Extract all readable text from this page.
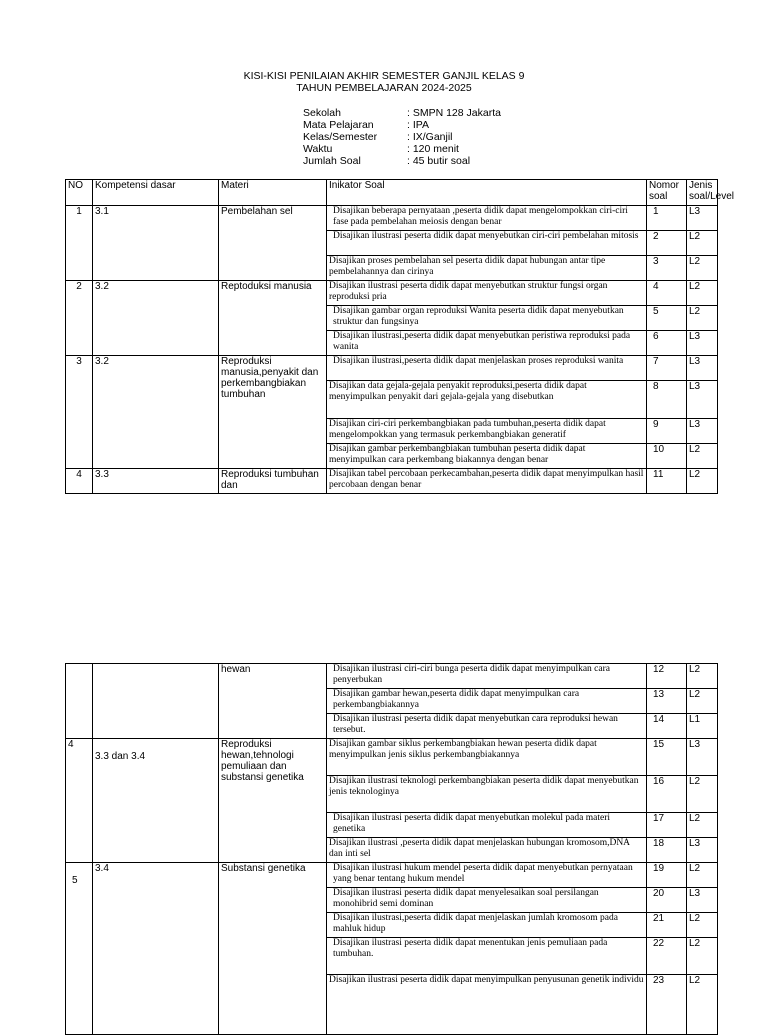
KISI-KISI PENILAIAN AKHIR SEMESTER GANJIL KELAS 9
TAHUN PEMBELAJARAN 2024-2025
Sekolah	: SMPN 128 Jakarta
Mata Pelajaran	: IPA
Kelas/Semester	: IX/Ganjil
Waktu	: 120 menit
Jumlah Soal	: 45 butir soal
NO	Kompetensi dasar	Materi	Inikator Soal	Nomor soal	Jenis soal/Level
1	3.1	Pembelahan sel	Disajikan beberapa pernyataan ,peserta didik dapat mengelompokkan ciri-ciri fase pada pembelahan meiosis dengan benar	1	L3
			Disajikan ilustrasi peserta didik dapat menyebutkan ciri-ciri pembelahan mitosis	2	L2
			Disajikan proses pembelahan sel peserta didik dapat hubungan antar tipe pembelahannya dan cirinya	3	L2
2	3.2	Reptoduksi manusia	Disajikan ilustrasi peserta didik dapat menyebutkan struktur fungsi organ reproduksi pria	4	L2
			Disajikan gambar organ reproduksi Wanita peserta didik dapat menyebutkan struktur dan fungsinya	5	L2
			Disajikan ilustrasi,peserta didik dapat menyebutkan peristiwa reproduksi pada wanita	6	L3
3	3.2	Reproduksi manusia,penyakit dan perkembangbiakan tumbuhan	Disajikan ilustrasi,peserta didik dapat menjelaskan proses reproduksi wanita	7	L3
			Disajikan data gejala-gejala penyakit reproduksi,peserta didik dapat menyimpulkan penyakit dari gejala-gejala yang disebutkan	8	L3
			Disajikan ciri-ciri perkembangbiakan pada tumbuhan,peserta didik dapat mengelompokkan yang termasuk perkembangbiakan generatif	9	L3
			Disajikan gambar perkembangbiakan tumbuhan peserta didik dapat menyimpulkan cara perkembang biakannya dengan benar	10	L2
4	3.3	Reproduksi tumbuhan dan	Disajikan tabel percobaan perkecambahan,peserta didik dapat menyimpulkan hasil percobaan dengan benar	11	L2
		hewan	Disajikan ilustrasi ciri-ciri bunga peserta didik dapat menyimpulkan cara penyerbukan	12	L2
			Disajikan gambar hewan,peserta didik dapat menyimpulkan cara perkembangbiakannya	13	L2
			Disajikan ilustrasi peserta didik dapat menyebutkan cara reproduksi hewan tersebut.	14	L1
4	3.3 dan 3.4	Reproduksi hewan,tehnologi pemuliaan dan substansi genetika	Disajikan gambar siklus perkembangbiakan hewan peserta didik dapat menyimpulkan jenis siklus perkembangbiakannya	15	L3
			Disajikan ilustrasi teknologi perkembangbiakan peserta didik dapat menyebutkan jenis teknologinya	16	L2
			Disajikan ilustrasi peserta didik dapat menyebutkan molekul pada materi genetika	17	L2
			Disajikan ilustrasi ,peserta didik dapat menjelaskan hubungan kromosom,DNA dan inti sel	18	L3
5	3.4	Substansi genetika	Disajikan ilustrasi hukum mendel peserta didik dapat menyebutkan pernyataan yang benar tentang hukum mendel	19	L2
			Disajikan ilustrasi peserta didik dapat menyelesaikan soal persilangan monohibrid semi dominan	20	L3
			Disajikan ilustrasi,peserta didik dapat menjelaskan jumlah kromosom pada mahluk hidup	21	L2
			Disajikan ilustrasi peserta didik dapat menentukan jenis pemuliaan pada tumbuhan.	22	L2
			Disajikan ilustrasi peserta didik dapat menyimpulkan penyusunan genetik individu	23	L2
